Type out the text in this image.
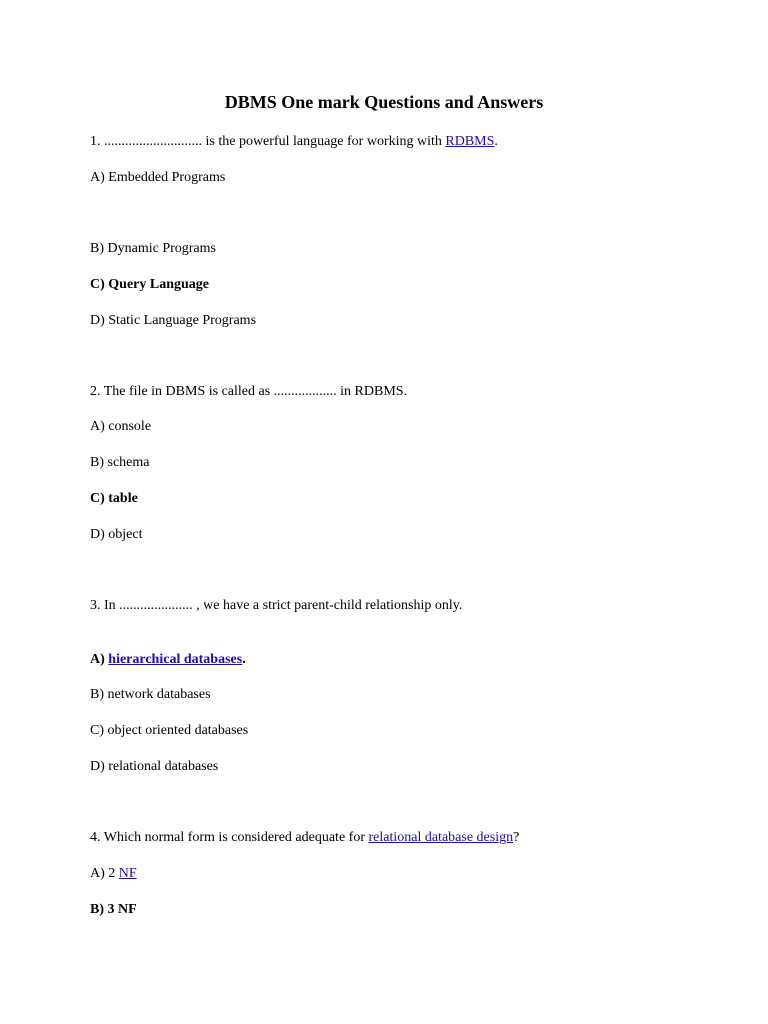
DBMS One mark Questions and Answers
1. ............................ is the powerful language for working with RDBMS.
A) Embedded Programs
B) Dynamic Programs
C) Query Language
D) Static Language Programs
2. The file in DBMS is called as .................. in RDBMS.
A) console
B) schema
C) table
D) object
3. In ..................... , we have a strict parent-child relationship only.
A) hierarchical databases.
B) network databases
C) object oriented databases
D) relational databases
4. Which normal form is considered adequate for relational database design?
A) 2 NF
B) 3 NF
